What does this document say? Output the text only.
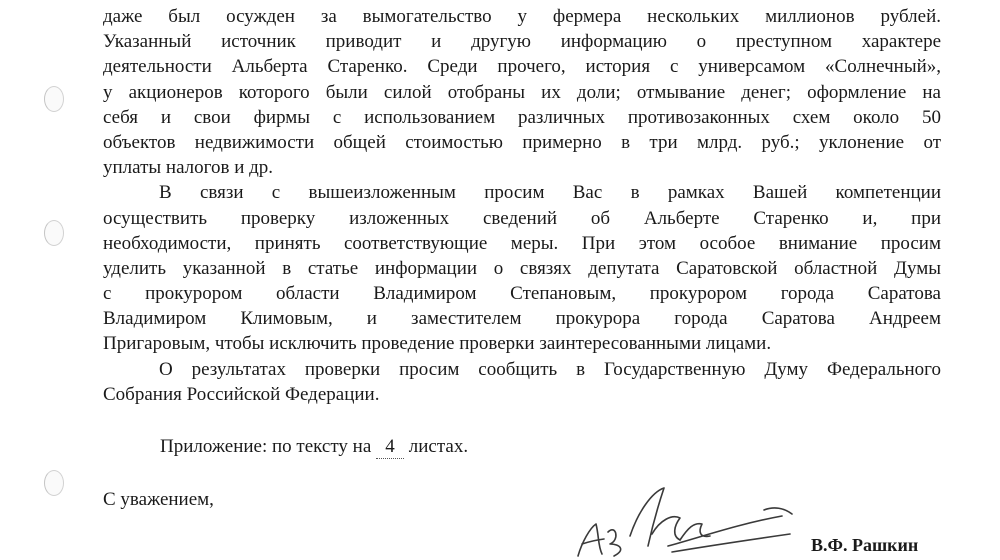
даже был осужден за вымогательство у фермера нескольких миллионов рублей.
Указанный источник приводит и другую информацию о преступном характере
деятельности Альберта Старенко. Среди прочего, история с универсамом «Солнечный»,
у акционеров которого были силой отобраны их доли; отмывание денег; оформление на
себя и свои фирмы с использованием различных противозаконных схем около 50
объектов недвижимости общей стоимостью примерно в три млрд. руб.; уклонение от
уплаты налогов и др.
В связи с вышеизложенным просим Вас в рамках Вашей компетенции
осуществить проверку изложенных сведений об Альберте Старенко и, при
необходимости, принять соответствующие меры. При этом особое внимание просим
уделить указанной в статье информации о связях депутата Саратовской областной Думы
с прокурором области Владимиром Степановым, прокурором города Саратова
Владимиром Климовым, и заместителем прокурора города Саратова Андреем
Пригаровым, чтобы исключить проведение проверки заинтересованными лицами.
О результатах проверки просим сообщить в Государственную Думу Федерального
Собрания Российской Федерации.
Приложение: по тексту на 4 листах.
С уважением,
В.Ф. Рашкин
